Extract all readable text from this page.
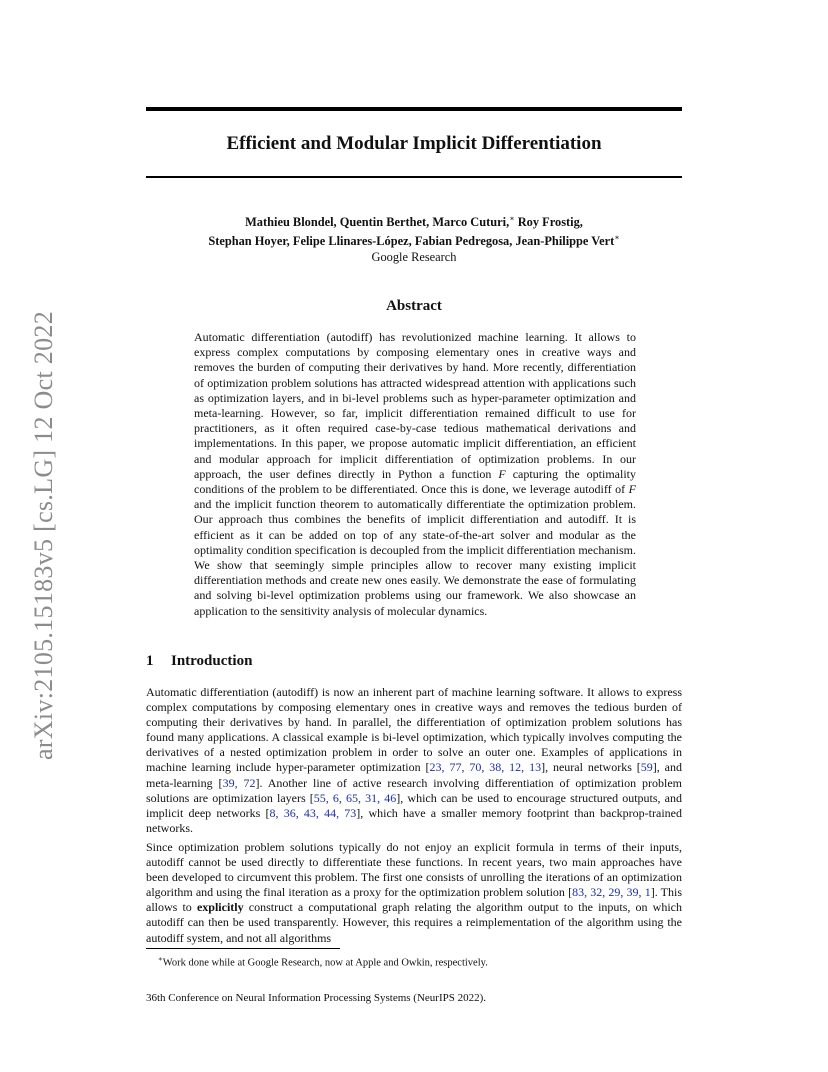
arXiv:2105.15183v5 [cs.LG] 12 Oct 2022
Efficient and Modular Implicit Differentiation
Mathieu Blondel, Quentin Berthet, Marco Cuturi,∗ Roy Frostig,
Stephan Hoyer, Felipe Llinares-López, Fabian Pedregosa, Jean-Philippe Vert∗
Google Research
Abstract

Automatic differentiation (autodiff) has revolutionized machine learning. It allows to express complex computations by composing elementary ones in creative ways and removes the burden of computing their derivatives by hand. More recently, differentiation of optimization problem solutions has attracted widespread attention with applications such as optimization layers, and in bi-level problems such as hyper-parameter optimization and meta-learning. However, so far, implicit differentiation remained difficult to use for practitioners, as it often required case-by-case tedious mathematical derivations and implementations. In this paper, we propose automatic implicit differentiation, an efficient and modular approach for implicit differentiation of optimization problems. In our approach, the user defines directly in Python a function F capturing the optimality conditions of the problem to be differentiated. Once this is done, we leverage autodiff of F and the implicit function theorem to automatically differentiate the optimization problem. Our approach thus combines the benefits of implicit differentiation and autodiff. It is efficient as it can be added on top of any state-of-the-art solver and modular as the optimality condition specification is decoupled from the implicit differentiation mechanism. We show that seemingly simple principles allow to recover many existing implicit differentiation methods and create new ones easily. We demonstrate the ease of formulating and solving bi-level optimization problems using our framework. We also showcase an application to the sensitivity analysis of molecular dynamics.

1 Introduction

Automatic differentiation (autodiff) is now an inherent part of machine learning software. It allows to express complex computations by composing elementary ones in creative ways and removes the tedious burden of computing their derivatives by hand. In parallel, the differentiation of optimization problem solutions has found many applications. A classical example is bi-level optimization, which typically involves computing the derivatives of a nested optimization problem in order to solve an outer one. Examples of applications in machine learning include hyper-parameter optimization [23, 77, 70, 38, 12, 13], neural networks [59], and meta-learning [39, 72]. Another line of active research involving differentiation of optimization problem solutions are optimization layers [55, 6, 65, 31, 46], which can be used to encourage structured outputs, and implicit deep networks [8, 36, 43, 44, 73], which have a smaller memory footprint than backprop-trained networks.

Since optimization problem solutions typically do not enjoy an explicit formula in terms of their inputs, autodiff cannot be used directly to differentiate these functions. In recent years, two main approaches have been developed to circumvent this problem. The first one consists of unrolling the iterations of an optimization algorithm and using the final iteration as a proxy for the optimization problem solution [83, 32, 29, 39, 1]. This allows to explicitly construct a computational graph relating the algorithm output to the inputs, on which autodiff can then be used transparently. However, this requires a reimplementation of the algorithm using the autodiff system, and not all algorithms

∗Work done while at Google Research, now at Apple and Owkin, respectively.

36th Conference on Neural Information Processing Systems (NeurIPS 2022).
